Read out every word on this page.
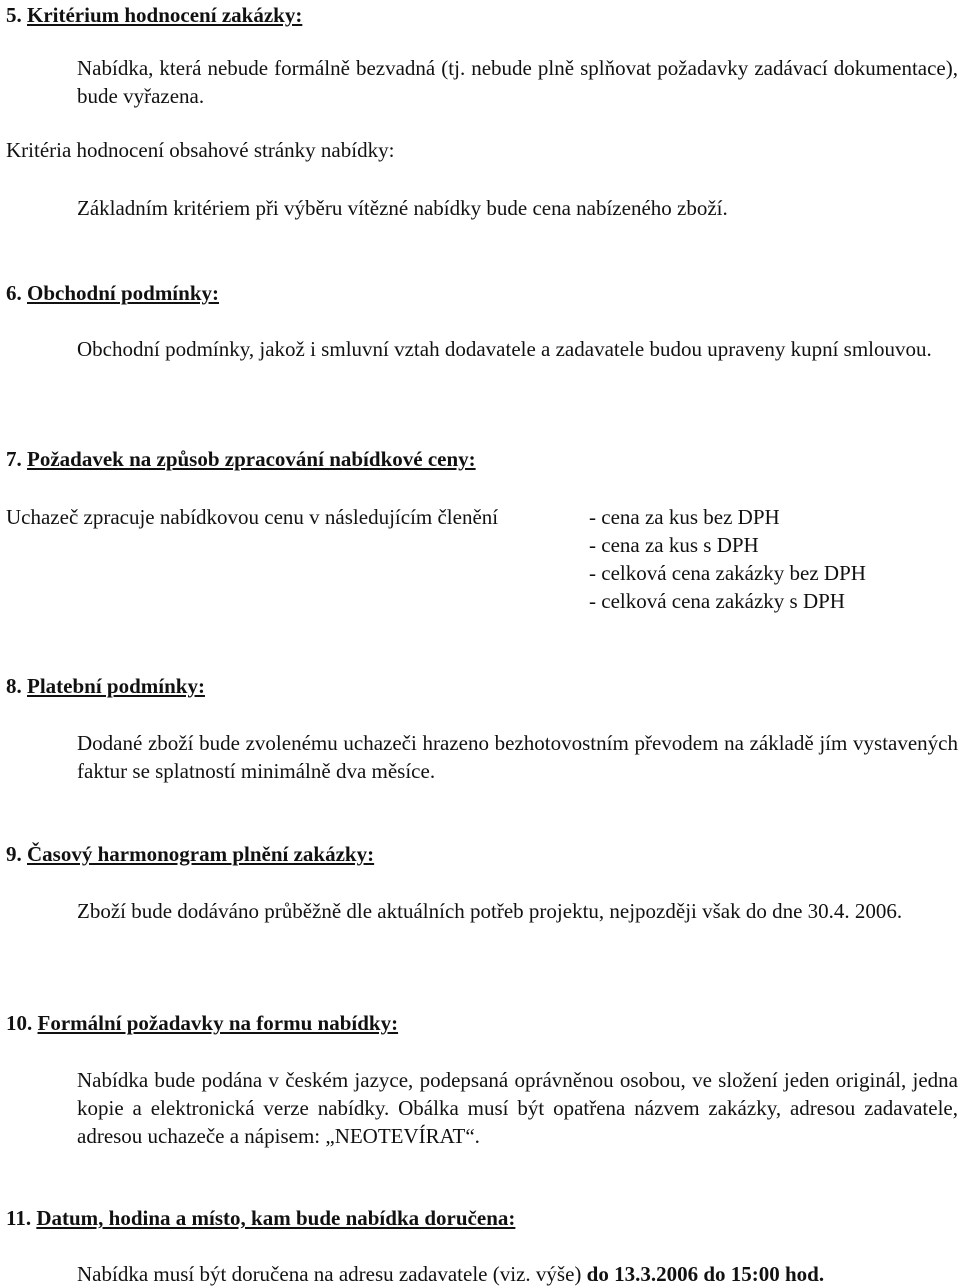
5. Kritérium hodnocení zakázky:
Nabídka, která nebude formálně bezvadná (tj. nebude plně splňovat požadavky zadávací dokumentace), bude vyřazena.
Kritéria hodnocení obsahové stránky nabídky:
Základním kritériem při výběru vítězné nabídky bude cena nabízeného zboží.
6. Obchodní podmínky:
Obchodní podmínky, jakož i smluvní vztah dodavatele a zadavatele budou upraveny kupní smlouvou.
7. Požadavek na způsob zpracování nabídkové ceny:
Uchazeč zpracuje nabídkovou cenu v následujícím členění	- cena za kus bez DPH
- cena za kus s DPH
- celková cena zakázky bez DPH
- celková cena zakázky s DPH
8. Platební podmínky:
Dodané zboží bude zvolenému uchazeči hrazeno bezhotovostním převodem na základě jím vystavených faktur se splatností minimálně dva měsíce.
9. Časový harmonogram plnění zakázky:
Zboží bude dodáváno průběžně dle aktuálních potřeb projektu, nejpozději však do dne 30.4. 2006.
10. Formální požadavky na formu nabídky:
Nabídka bude podána v českém jazyce, podepsaná oprávněnou osobou, ve složení jeden originál, jedna kopie a elektronická verze nabídky. Obálka musí být opatřena názvem zakázky, adresou zadavatele, adresou uchazeče a nápisem: „NEOTEVÍRAT“.
11. Datum, hodina a místo, kam bude nabídka doručena:
Nabídka musí být doručena na adresu zadavatele (viz. výše) do 13.3.2006 do 15:00 hod.
